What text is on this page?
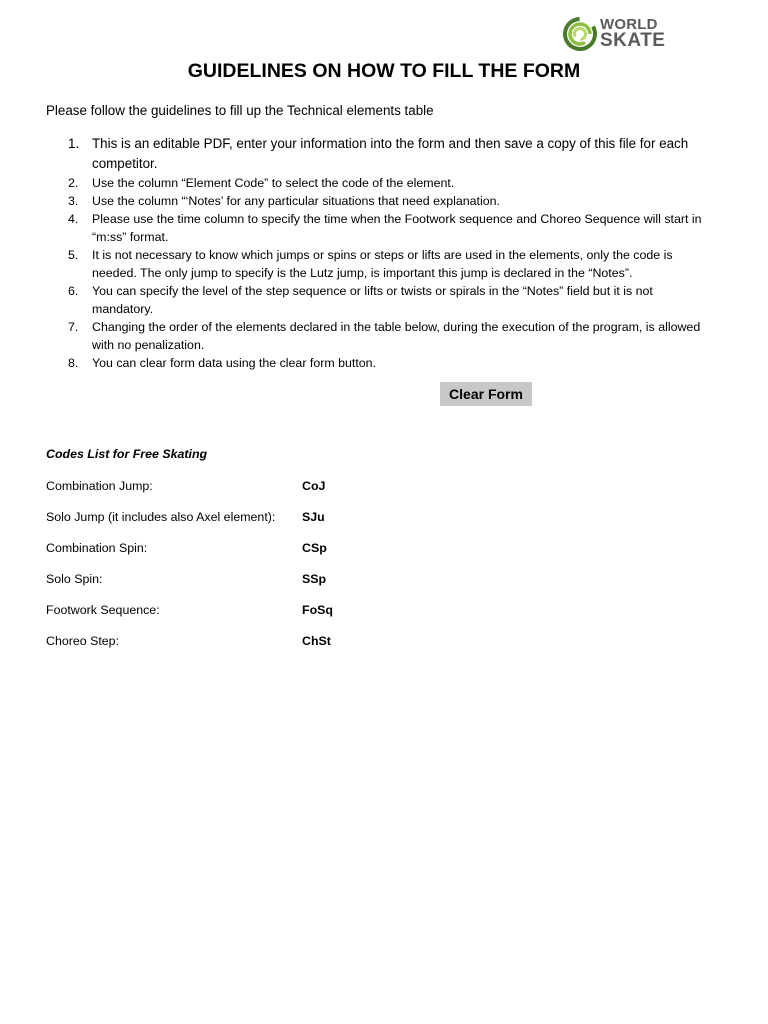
WORLD
SKATE
GUIDELINES ON HOW TO FILL THE FORM

Please follow the guidelines to fill up the Technical elements table

1. This is an editable PDF, enter your information into the form and then save a copy of this file for each competitor.
2. Use the column “Element Code” to select the code of the element.
3. Use the column “‘Notes’ for any particular situations that need explanation.
4. Please use the time column to specify the time when the Footwork sequence and Choreo Sequence will start in “m:ss” format.
5. It is not necessary to know which jumps or spins or steps or lifts are used in the elements, only the code is needed. The only jump to specify is the Lutz jump, is important this jump is declared in the “Notes”.
6. You can specify the level of the step sequence or lifts or twists or spirals in the “Notes” field but it is not mandatory.
7. Changing the order of the elements declared in the table below, during the execution of the program, is allowed with no penalization.
8. You can clear form data using the clear form button.
Clear Form

Codes List for Free Skating

Combination Jump:	CoJ
Solo Jump (it includes also Axel element): SJu
Combination Spin:	CSp
Solo Spin:	SSp
Footwork Sequence:	FoSq
Choreo Step:	ChSt
